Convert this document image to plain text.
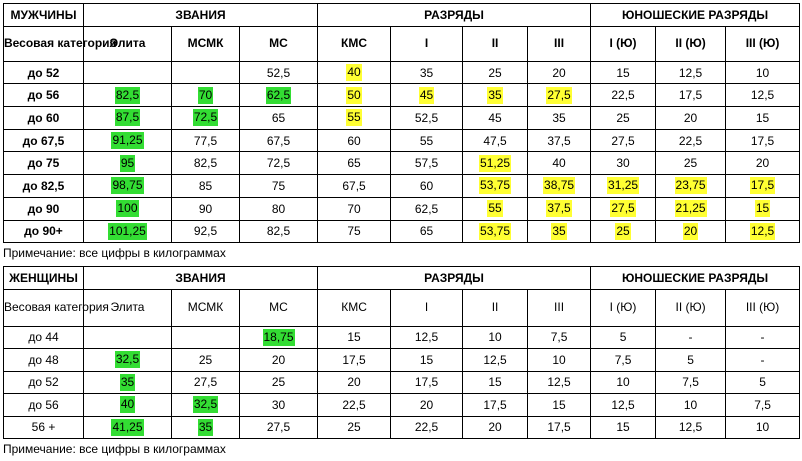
МУЖЧИНЫ	ЗВАНИЯ			РАЗРЯДЫ				ЮНОШЕСКИЕ РАЗРЯДЫ		
Весовая категория	Элита	МСМК	МС	КМС	I	II	III	I (Ю)	II (Ю)	III (Ю)
до 52			52,5	40	35	25	20	15	12,5	10
до 56	82,5	70	62,5	50	45	35	27,5	22,5	17,5	12,5
до 60	87,5	72,5	65	55	52,5	45	35	25	20	15
до 67,5	91,25	77,5	67,5	60	55	47,5	37,5	27,5	22,5	17,5
до 75	95	82,5	72,5	65	57,5	51,25	40	30	25	20
до 82,5	98,75	85	75	67,5	60	53,75	38,75	31,25	23,75	17,5
до 90	100	90	80	70	62,5	55	37,5	27,5	21,25	15
до 90+	101,25	92,5	82,5	75	65	53,75	35	25	20	12,5
Примечание: все цифры в килограммах
ЖЕНЩИНЫ	ЗВАНИЯ			РАЗРЯДЫ				ЮНОШЕСКИЕ РАЗРЯДЫ		
Весовая категория	Элита	МСМК	МС	КМС	I	II	III	I (Ю)	II (Ю)	III (Ю)
до 44			18,75	15	12,5	10	7,5	5	-	-
до 48	32,5	25	20	17,5	15	12,5	10	7,5	5	-
до 52	35	27,5	25	20	17,5	15	12,5	10	7,5	5
до 56	40	32,5	30	22,5	20	17,5	15	12,5	10	7,5
56 +	41,25	35	27,5	25	22,5	20	17,5	15	12,5	10
Примечание: все цифры в килограммах
